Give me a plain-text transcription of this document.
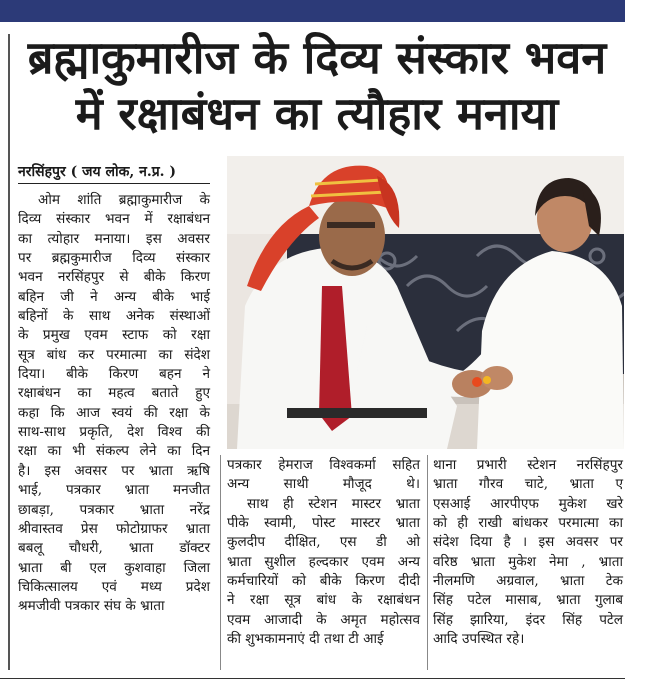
ब्रह्माकुमारीज के दिव्य संस्कार भवन
में रक्षाबंधन का त्यौहार मनाया
नरसिंहपुर ( जय लोक, न.प्र. )
ओम शांति ब्रह्माकुमारीज के
दिव्य संस्कार भवन में रक्षाबंधन
का त्योहार मनाया। इस अवसर
पर ब्रह्मकुमारीज दिव्य संस्कार
भवन नरसिंहपुर से बीके किरण
बहिन जी ने अन्य बीके भाई
बहिनों के साथ अनेक संस्थाओं
के प्रमुख एवम स्टाफ को रक्षा
सूत्र बांध कर परमात्मा का संदेश
दिया। बीके किरण बहन ने
रक्षाबंधन का महत्व बताते हुए
कहा कि आज स्वयं की रक्षा के
साथ-साथ प्रकृति, देश विश्व की
रक्षा का भी संकल्प लेने का दिन
है। इस अवसर पर भ्राता ऋषि
भाई, पत्रकार भ्राता मनजीत
छाबड़ा, पत्रकार भ्राता नरेंद्र
श्रीवास्तव प्रेस फोटोग्राफर भ्राता
बबलू चौधरी, भ्राता डॉक्टर
भ्राता बी एल कुशवाहा जिला
चिकित्सालय एवं मध्य प्रदेश
श्रमजीवी पत्रकार संघ के भ्राता
पत्रकार हेमराज विश्वकर्मा सहित
अन्य साथी मौजूद थे।
साथ ही स्टेशन मास्टर भ्राता
पीके स्वामी, पोस्ट मास्टर भ्राता
कुलदीप दीक्षित, एस डी ओ
भ्राता सुशील हल्दकार एवम अन्य
कर्मचारियों को बीके किरण दीदी
ने रक्षा सूत्र बांध के रक्षाबंधन
एवम आजादी के अमृत महोत्सव
की शुभकामनाएं दी तथा टी आई
थाना प्रभारी स्टेशन नरसिंहपुर
भ्राता गौरव चाटे, भ्राता ए
एसआई आरपीएफ मुकेश खरे
को ही राखी बांधकर परमात्मा का
संदेश दिया है । इस अवसर पर
वरिष्ठ भ्राता मुकेश नेमा , भ्राता
नीलमणि अग्रवाल, भ्राता टेक
सिंह पटेल मासाब, भ्राता गुलाब
सिंह झारिया, इंदर सिंह पटेल
आदि उपस्थित रहे।
